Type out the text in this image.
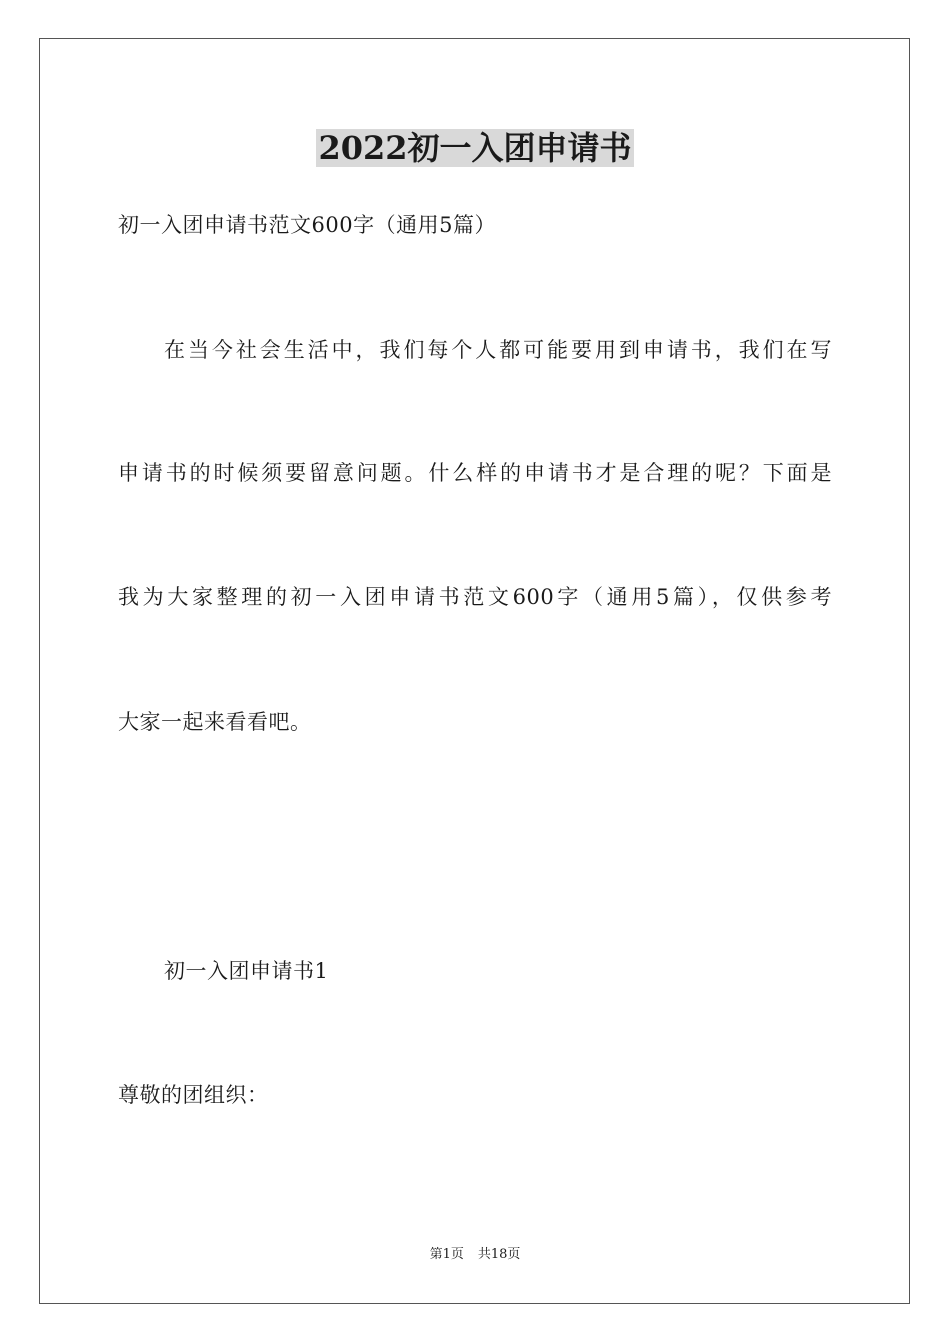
2022初一入团申请书
初一入团申请书范文600字（通用5篇）
在当今社会生活中，我们每个人都可能要用到申请书，我们在写
申请书的时候须要留意问题。什么样的申请书才是合理的呢？下面是
我为大家整理的初一入团申请书范文600字（通用5篇），仅供参考
大家一起来看看吧。
初一入团申请书1
尊敬的团组织：
第1页 共18页
